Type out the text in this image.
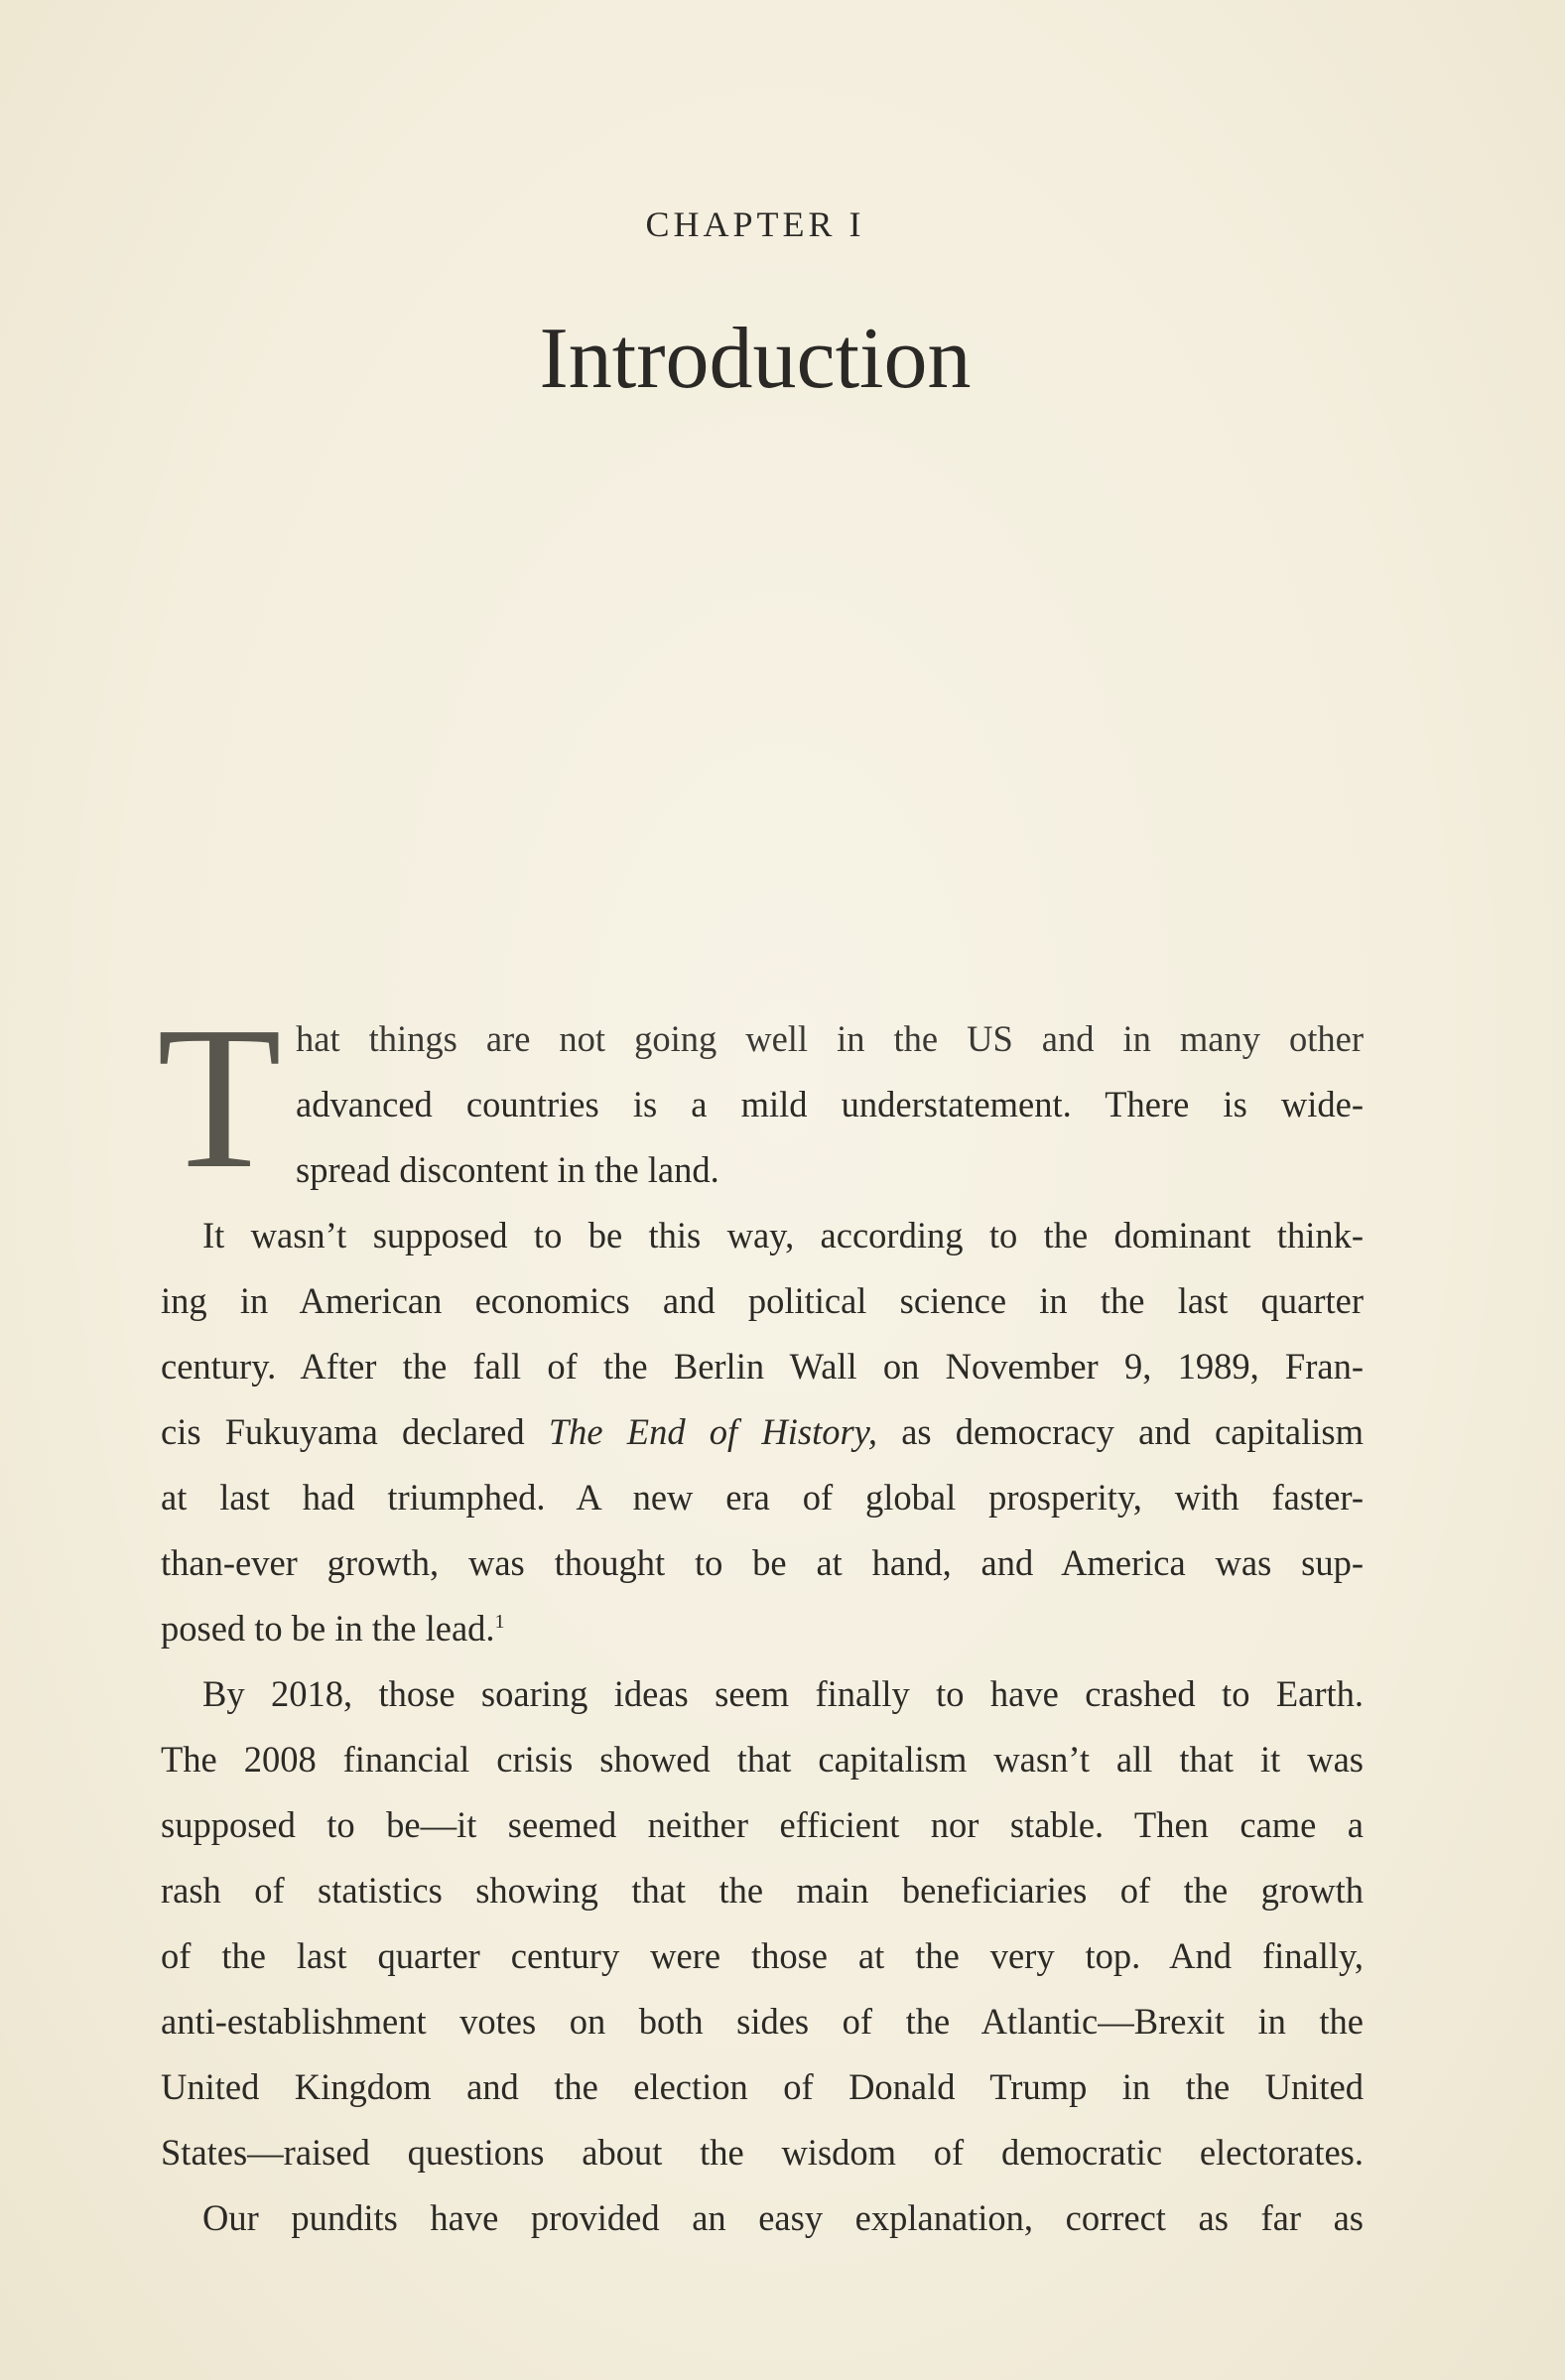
CHAPTER I
Introduction
T hat things are not going well in the US and in many other
advanced countries is a mild understatement. There is wide-
spread discontent in the land.
It wasn’t supposed to be this way, according to the dominant think-
ing in American economics and political science in the last quarter
century. After the fall of the Berlin Wall on November 9, 1989, Fran-
cis Fukuyama declared The End of History, as democracy and capitalism
at last had triumphed. A new era of global prosperity, with faster-
than-ever growth, was thought to be at hand, and America was sup-
posed to be in the lead.$^1$
By 2018, those soaring ideas seem finally to have crashed to Earth.
The 2008 financial crisis showed that capitalism wasn’t all that it was
supposed to be—it seemed neither efficient nor stable. Then came a
rash of statistics showing that the main beneficiaries of the growth
of the last quarter century were those at the very top. And finally,
anti-establishment votes on both sides of the Atlantic—Brexit in the
United Kingdom and the election of Donald Trump in the United
States—raised questions about the wisdom of democratic electorates.
Our pundits have provided an easy explanation, correct as far as
